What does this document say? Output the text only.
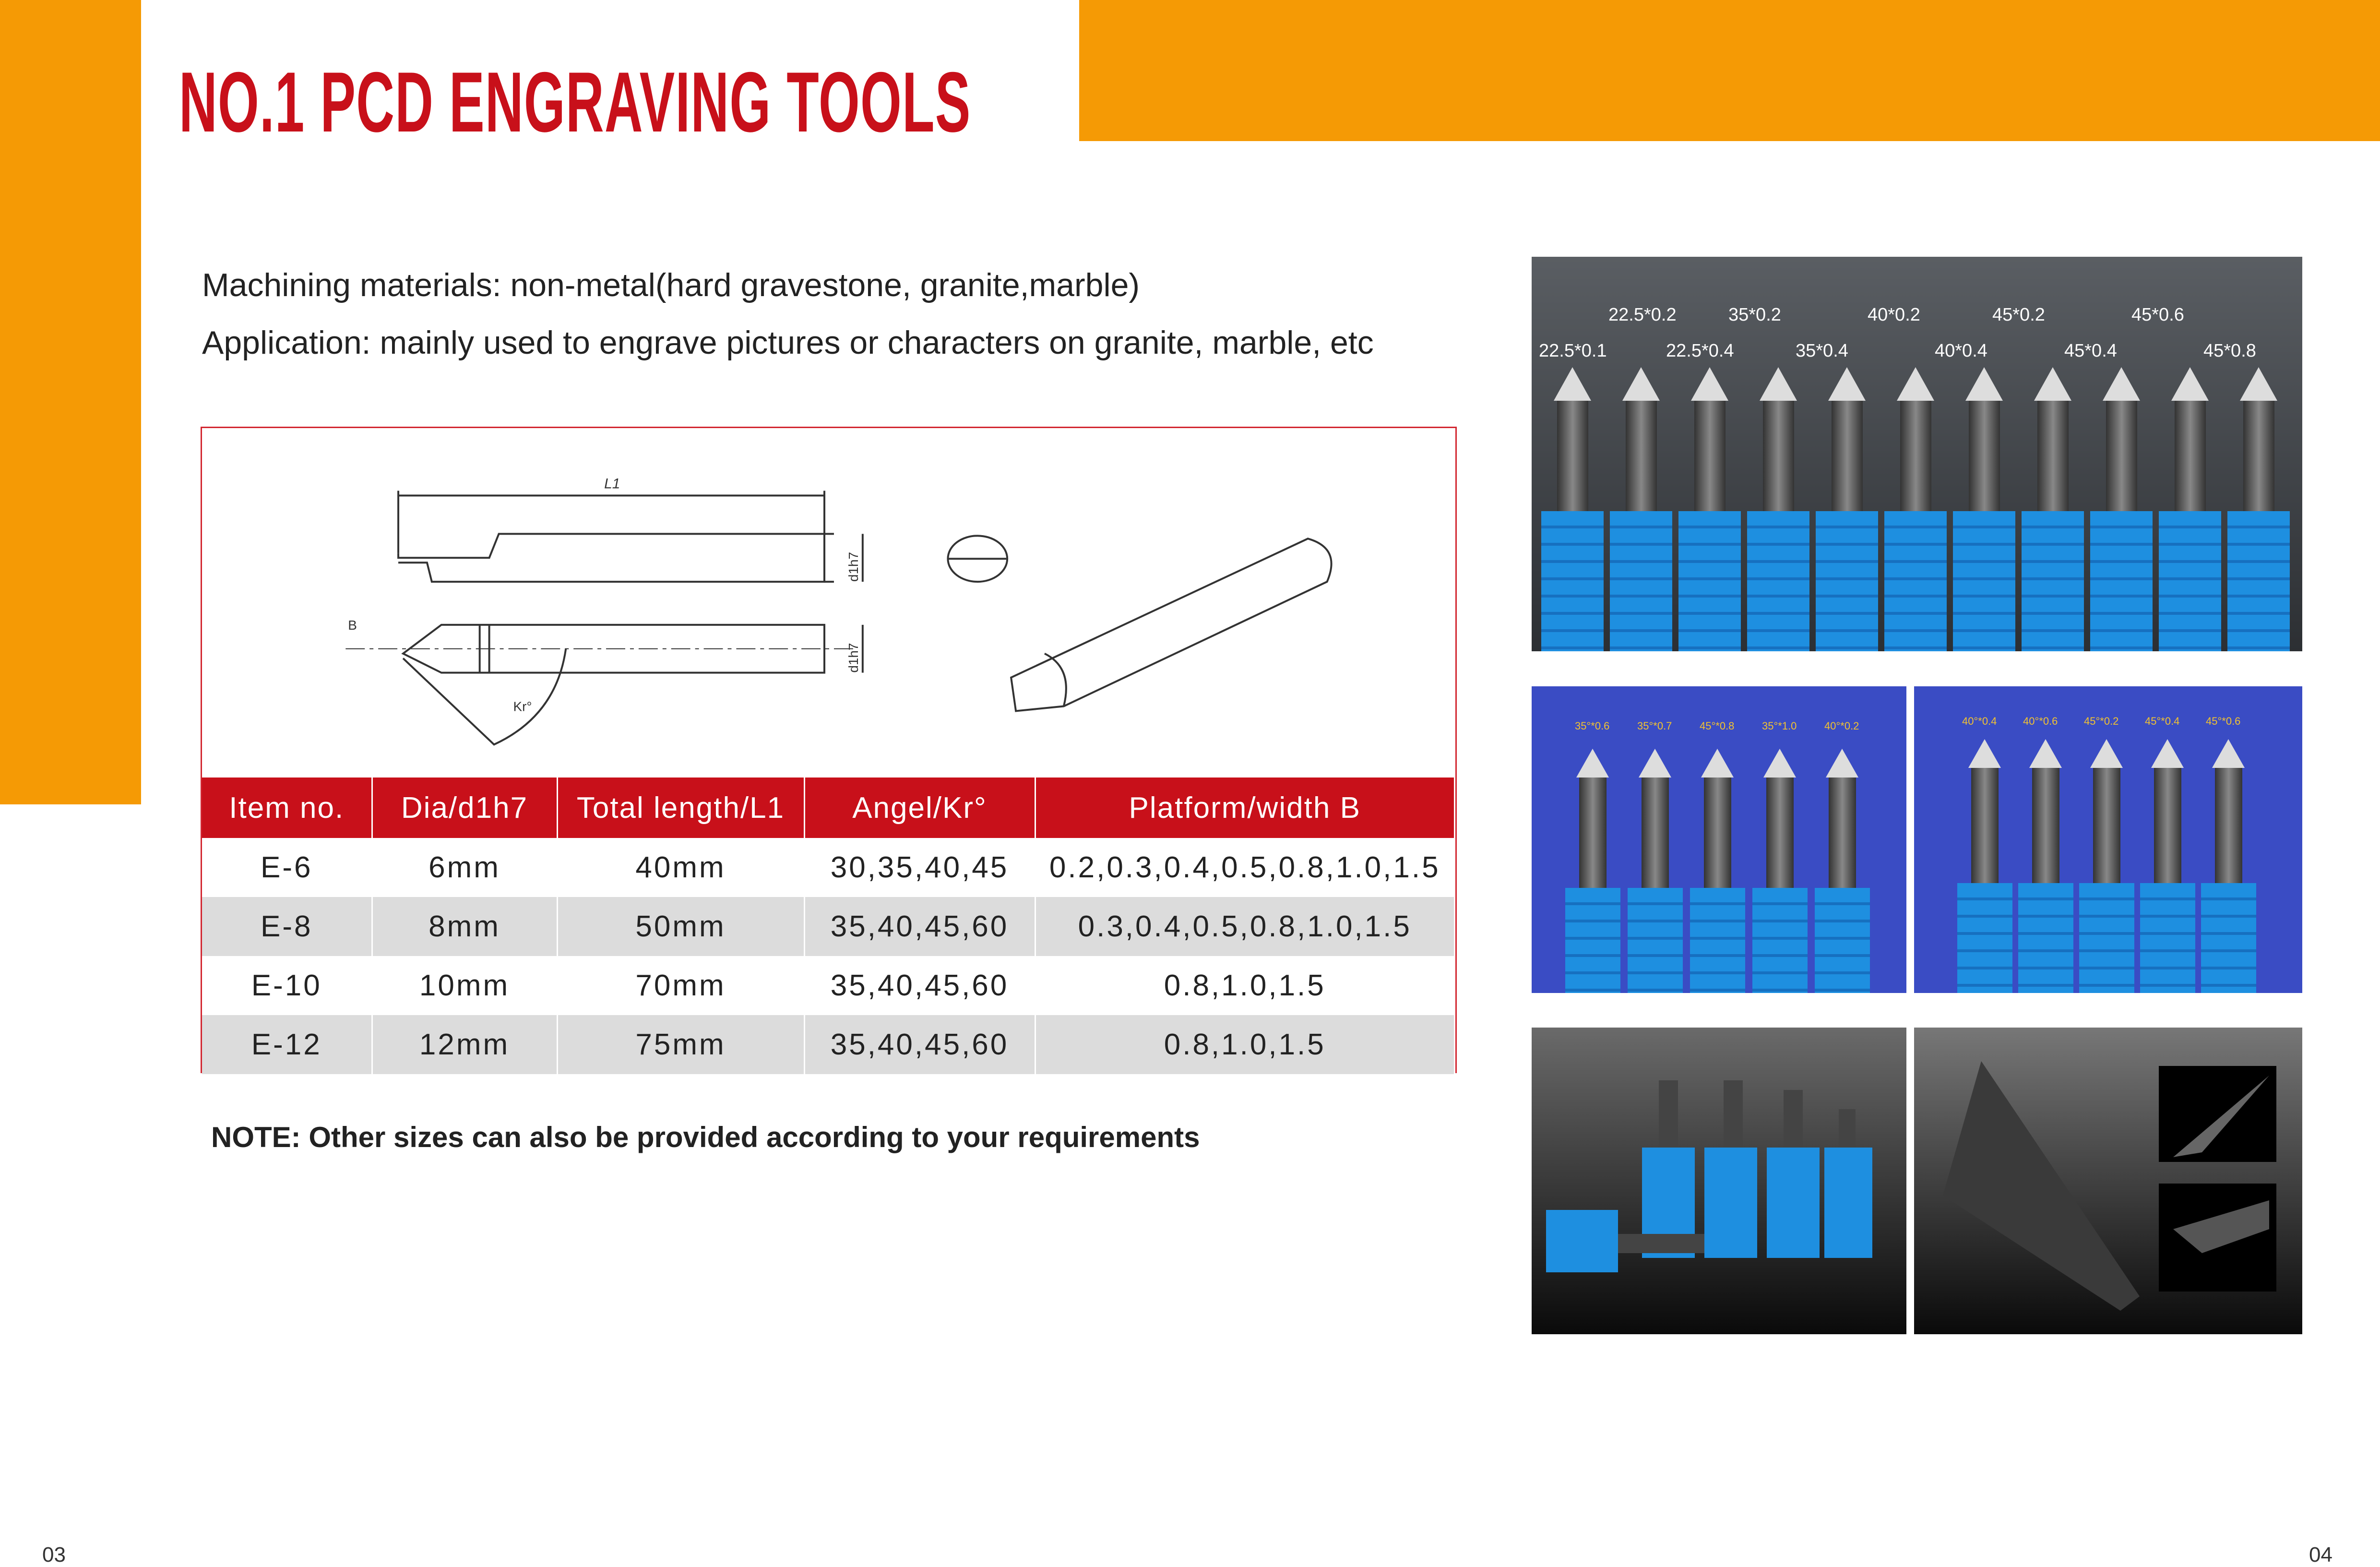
NO.1 PCD ENGRAVING TOOLS
Machining materials: non-metal(hard gravestone, granite,marble)
Application: mainly used to engrave pictures or characters on granite, marble, etc
L1
d1h7
d1h7
B
Kr°
Item no.	Dia/d1h7	Total length/L1	Angel/Kr°	Platform/width B
E-6	6mm	40mm	30,35,40,45	0.2,0.3,0.4,0.5,0.8,1.0,1.5
E-8	8mm	50mm	35,40,45,60	0.3,0.4,0.5,0.8,1.0,1.5
E-10	10mm	70mm	35,40,45,60	0.8,1.0,1.5
E-12	12mm	75mm	35,40,45,60	0.8,1.0,1.5
NOTE: Other sizes can also be provided according to your requirements
22.5*0.2	35*0.2	40*0.2	45*0.2	45*0.6
22.5*0.1	22.5*0.4	35*0.4	40*0.4	45*0.4	45*0.8
35°*0.6	35°*0.7	45°*0.8	35°*1.0	40°*0.2	40°*0.4 40°*0.6 45°*0.2 45°*0.4 45°*0.6
03	04
